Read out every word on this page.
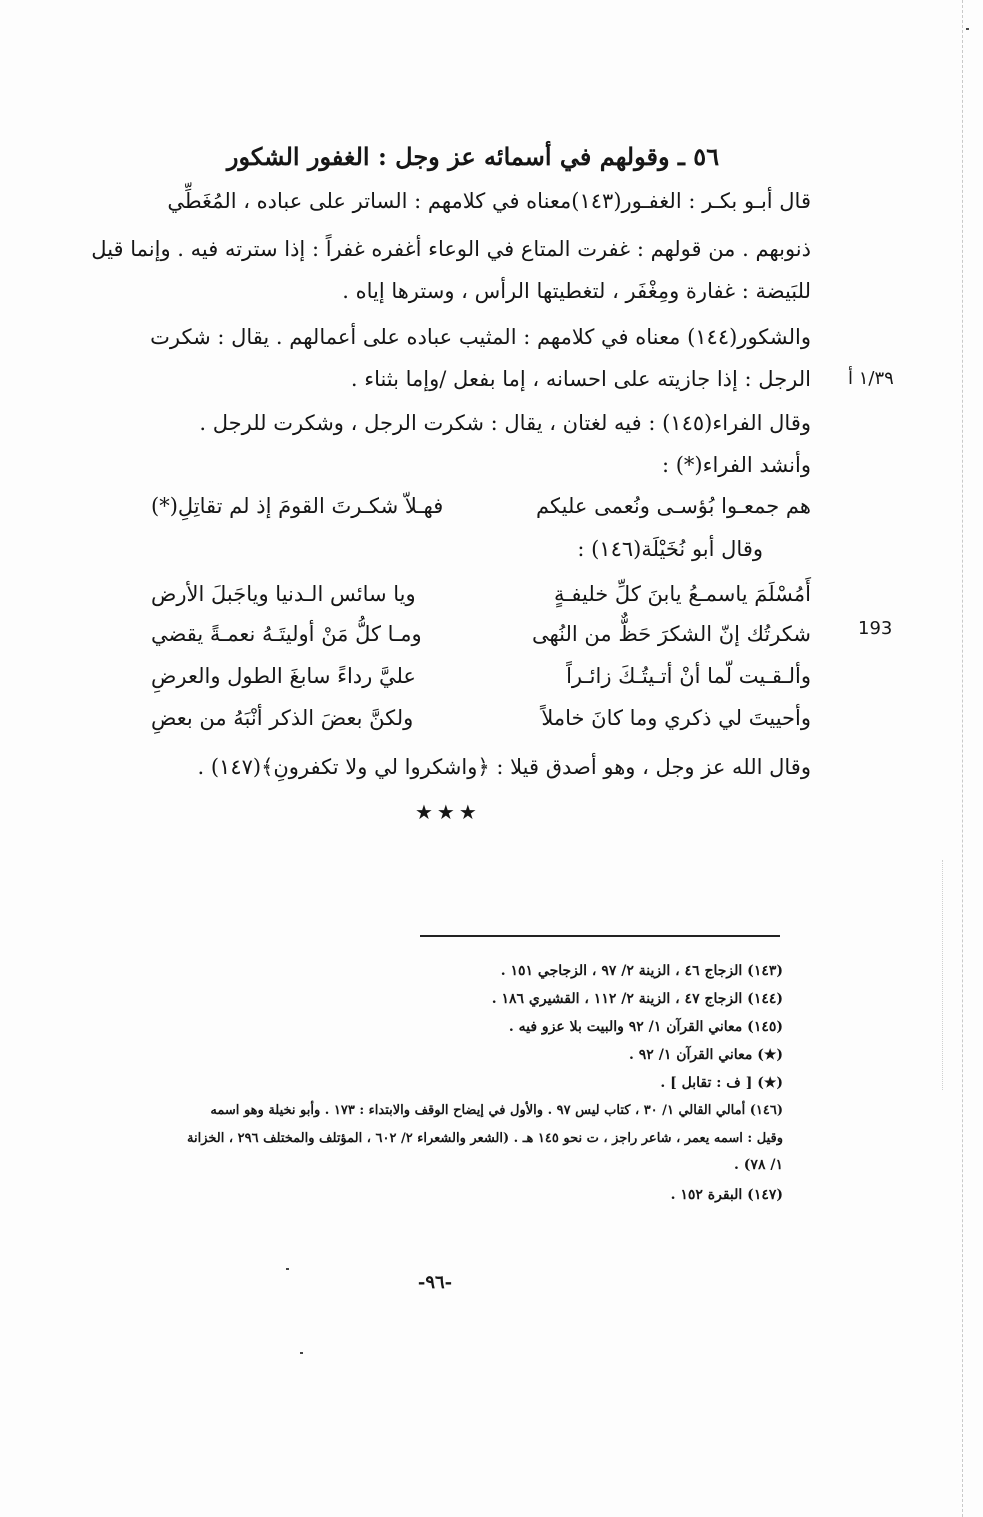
٥٦ ـ وقولهم في أسمائه عز وجل : الغفور الشكور
قال أبـو بكـر : الغفـور(١٤٣)معناه في كلامهم : الساتر على عباده ، المُغَطِّي
ذنوبهم . من قولهم : غفرت المتاع في الوعاء أغفره غفراً : إذا سترته فيه . وإنما قيل
للبَيضة : غفارة ومِغْفَر ، لتغطيتها الرأس ، وسترها إياه .
والشكور(١٤٤) معناه في كلامهم : المثيب عباده على أعمالهم . يقال : شكرت
الرجل : إذا جازيته على احسانه ، إما بفعل /وإما بثناء .
وقال الفراء(١٤٥) : فيه لغتان ، يقال : شكرت الرجل ، وشكرت للرجل .
وأنشد الفراء(*) :
١/٣٩ أ
193
هم جمعـوا بُؤسـى ونُعمى عليكم
فهـلاّ شكـرتَ القومَ إذ لم تقاتِلِ(*)
وقال أبو نُخَيْلَة(١٤٦) :
أَمُسْلَمَ ياسمـعُ يابنَ كلِّ خليفـةٍ
ويا سائس الـدنيا وياجَبلَ الأرض
شكرتُك إنّ الشكرَ حَظٌّ من النُهى
ومـا كلُّ مَنْ أوليتَـهُ نعمـةً يقضي
وألـقـيت لّما أنْ أتـيتُـكَ زائـراً
عليَّ رداءً سابغَ الطول والعرضِ
وأحييتَ لي ذكري وما كانَ خاملاً
ولكنَّ بعضَ الذكر أنْبَهُ من بعضِ
وقال الله عز وجل ، وهو أصدق قيلا : ﴿واشكروا لي ولا تكفرونِ﴾(١٤٧) .
★★★
(١٤٣) الزجاج ٤٦ ، الزينة ٢/ ٩٧ ، الزجاجي ١٥١ .
(١٤٤) الزجاج ٤٧ ، الزينة ٢/ ١١٢ ، القشيري ١٨٦ .
(١٤٥) معاني القرآن ١/ ٩٢ والبيت بلا عزو فيه .
(★) معاني القرآن ١/ ٩٢ .
(★) [ ف : تقابل ] .
(١٤٦) أمالي القالي ١/ ٣٠ ، كتاب ليس ٩٧ . والأول في إيضاح الوقف والابتداء : ١٧٣ . وأبو نخيلة وهو اسمه
وقيل : اسمه يعمر ، شاعر راجز ، ت نحو ١٤٥ هـ . (الشعر والشعراء ٢/ ٦٠٢ ، المؤتلف والمختلف ٢٩٦ ، الخزانة
١/ ٧٨) .
(١٤٧) البقرة ١٥٢ .
-٩٦-
